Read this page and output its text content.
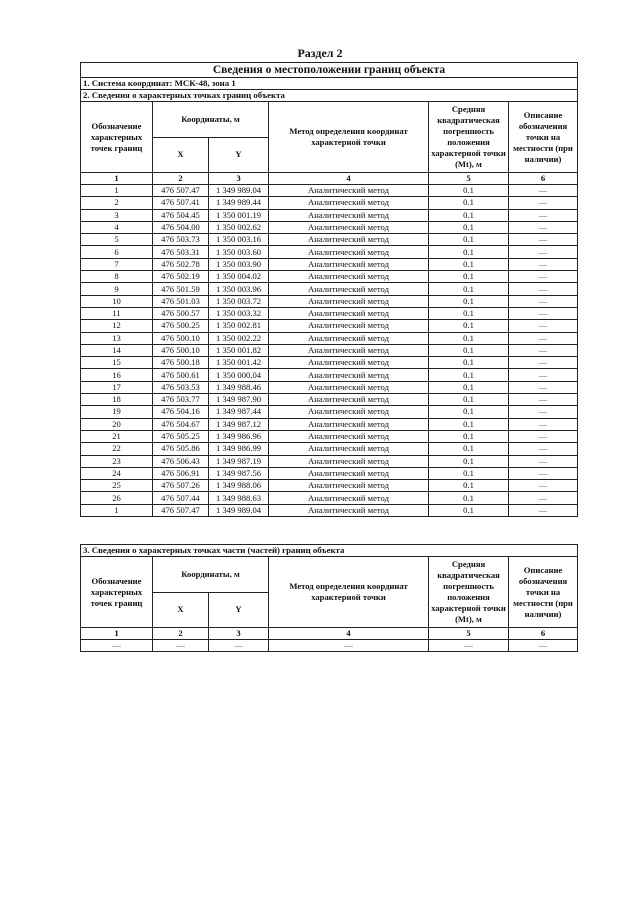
Раздел 2
Сведения о местоположении границ объекта					
1. Система координат: МСК-48, зона 1					
2. Сведения о характерных точках границ объекта					
Обозначение характерных точек границ	Координаты, м		Метод определения координат характерной точки	Средняя квадратическая погрешность положения характерной точки (Mt), м	Описание обозначения точки на местности (при наличии)
	X	Y			
1	2	3	4	5	6
1	476 507.47	1 349 989.04	Аналитический метод	0.1	—
2	476 507.41	1 349 989.44	Аналитический метод	0.1	—
3	476 504.45	1 350 001.19	Аналитический метод	0.1	—
4	476 504.00	1 350 002.62	Аналитический метод	0.1	—
5	476 503.73	1 350 003.16	Аналитический метод	0.1	—
6	476 503.31	1 350 003.60	Аналитический метод	0.1	—
7	476 502.78	1 350 003.90	Аналитический метод	0.1	—
8	476 502.19	1 350 004.02	Аналитический метод	0.1	—
9	476 501.59	1 350 003.96	Аналитический метод	0.1	—
10	476 501.03	1 350 003.72	Аналитический метод	0.1	—
11	476 500.57	1 350 003.32	Аналитический метод	0.1	—
12	476 500.25	1 350 002.81	Аналитический метод	0.1	—
13	476 500.10	1 350 002.22	Аналитический метод	0.1	—
14	476 500.10	1 350 001.82	Аналитический метод	0.1	—
15	476 500.18	1 350 001.42	Аналитический метод	0.1	—
16	476 500.61	1 350 000.04	Аналитический метод	0.1	—
17	476 503.53	1 349 988.46	Аналитический метод	0.1	—
18	476 503.77	1 349 987.90	Аналитический метод	0.1	—
19	476 504.16	1 349 987.44	Аналитический метод	0.1	—
20	476 504.67	1 349 987.12	Аналитический метод	0.1	—
21	476 505.25	1 349 986.96	Аналитический метод	0.1	—
22	476 505.86	1 349 986.99	Аналитический метод	0.1	—
23	476 506.43	1 349 987.19	Аналитический метод	0.1	—
24	476 506.91	1 349 987.56	Аналитический метод	0.1	—
25	476 507.26	1 349 988.06	Аналитический метод	0.1	—
26	476 507.44	1 349 988.63	Аналитический метод	0.1	—
1	476 507.47	1 349 989.04	Аналитический метод	0.1	—
3. Сведения о характерных точках части (частей) границ объекта					
Обозначение характерных точек границ	Координаты, м		Метод определения координат характерной точки	Средняя квадратическая погрешность положения характерной точки (Mt), м	Описание обозначения точки на местности (при наличии)
	X	Y			
1	2	3	4	5	6
—	—	—	—	—	—
